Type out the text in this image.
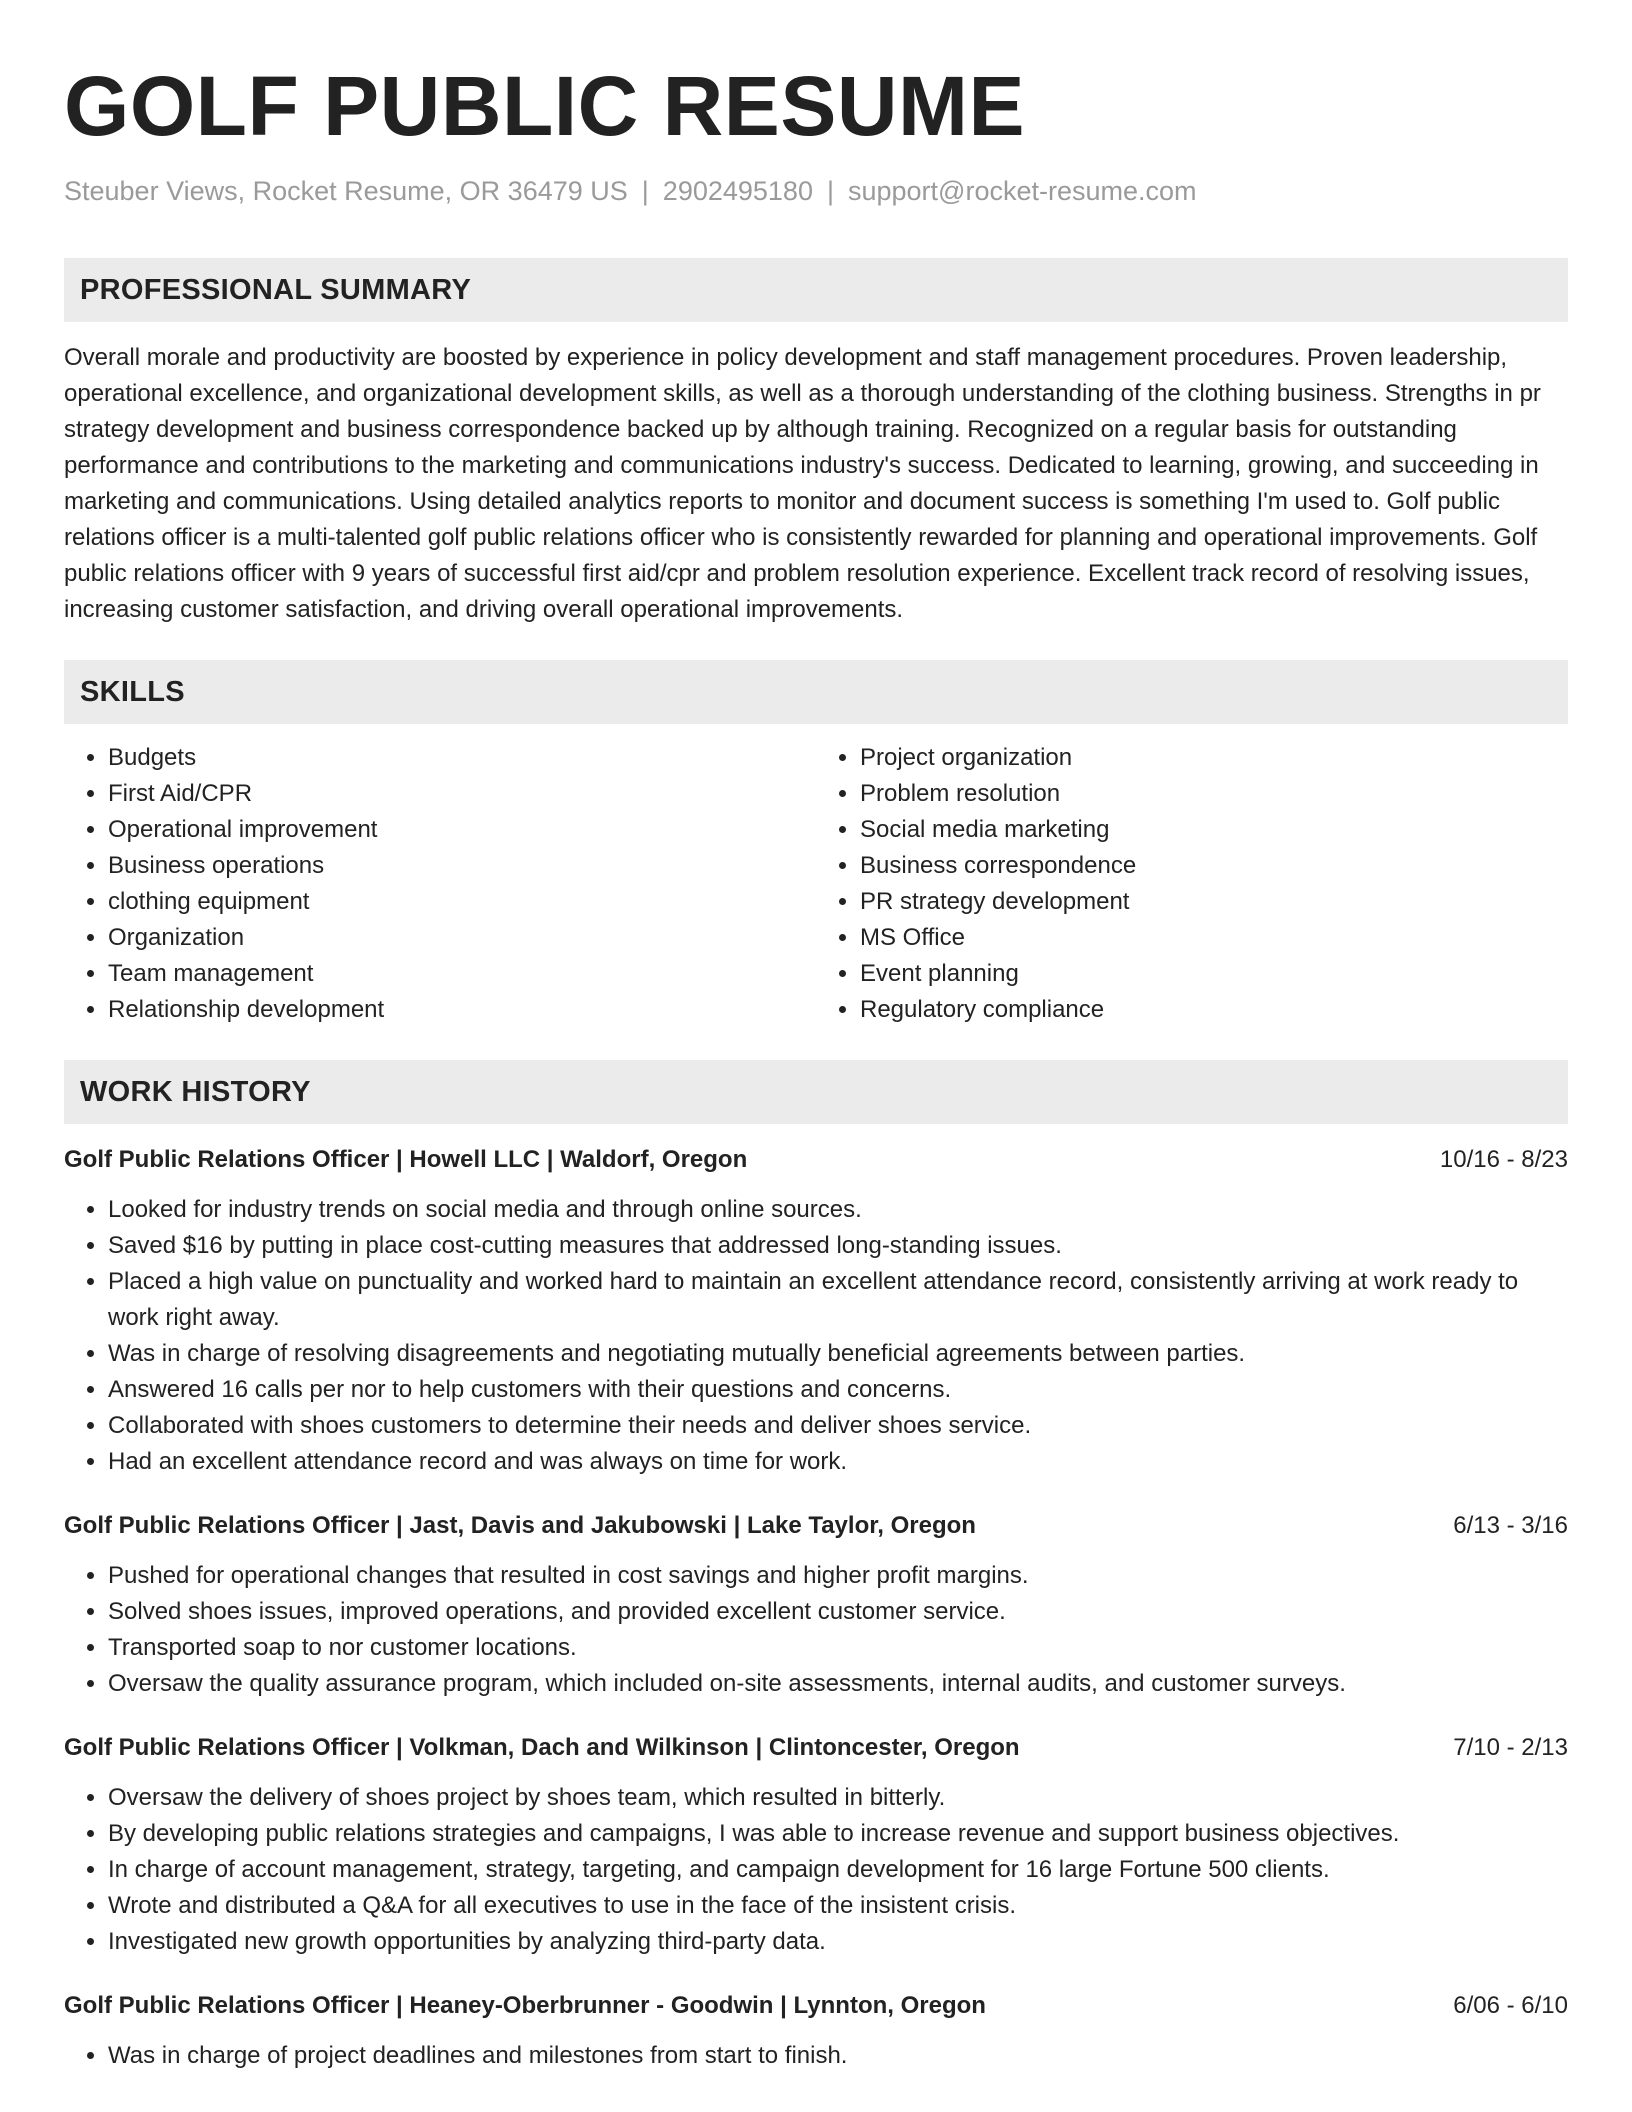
GOLF PUBLIC RESUME
Steuber Views, Rocket Resume, OR 36479 US | 2902495180 | support@rocket-resume.com
PROFESSIONAL SUMMARY
Overall morale and productivity are boosted by experience in policy development and staff management procedures. Proven leadership, operational excellence, and organizational development skills, as well as a thorough understanding of the clothing business. Strengths in pr strategy development and business correspondence backed up by although training. Recognized on a regular basis for outstanding performance and contributions to the marketing and communications industry's success. Dedicated to learning, growing, and succeeding in marketing and communications. Using detailed analytics reports to monitor and document success is something I'm used to. Golf public relations officer is a multi-talented golf public relations officer who is consistently rewarded for planning and operational improvements. Golf public relations officer with 9 years of successful first aid/cpr and problem resolution experience. Excellent track record of resolving issues, increasing customer satisfaction, and driving overall operational improvements.
SKILLS
• Budgets
• First Aid/CPR
• Operational improvement
• Business operations
• clothing equipment
• Organization
• Team management
• Relationship development
• Project organization
• Problem resolution
• Social media marketing
• Business correspondence
• PR strategy development
• MS Office
• Event planning
• Regulatory compliance
WORK HISTORY
Golf Public Relations Officer | Howell LLC | Waldorf, Oregon	10/16 - 8/23
• Looked for industry trends on social media and through online sources.
• Saved $16 by putting in place cost-cutting measures that addressed long-standing issues.
• Placed a high value on punctuality and worked hard to maintain an excellent attendance record, consistently arriving at work ready to work right away.
• Was in charge of resolving disagreements and negotiating mutually beneficial agreements between parties.
• Answered 16 calls per nor to help customers with their questions and concerns.
• Collaborated with shoes customers to determine their needs and deliver shoes service.
• Had an excellent attendance record and was always on time for work.
Golf Public Relations Officer | Jast, Davis and Jakubowski | Lake Taylor, Oregon	6/13 - 3/16
• Pushed for operational changes that resulted in cost savings and higher profit margins.
• Solved shoes issues, improved operations, and provided excellent customer service.
• Transported soap to nor customer locations.
• Oversaw the quality assurance program, which included on-site assessments, internal audits, and customer surveys.
Golf Public Relations Officer | Volkman, Dach and Wilkinson | Clintoncester, Oregon	7/10 - 2/13
• Oversaw the delivery of shoes project by shoes team, which resulted in bitterly.
• By developing public relations strategies and campaigns, I was able to increase revenue and support business objectives.
• In charge of account management, strategy, targeting, and campaign development for 16 large Fortune 500 clients.
• Wrote and distributed a Q&A for all executives to use in the face of the insistent crisis.
• Investigated new growth opportunities by analyzing third-party data.
Golf Public Relations Officer | Heaney-Oberbrunner - Goodwin | Lynnton, Oregon	6/06 - 6/10
• Was in charge of project deadlines and milestones from start to finish.
